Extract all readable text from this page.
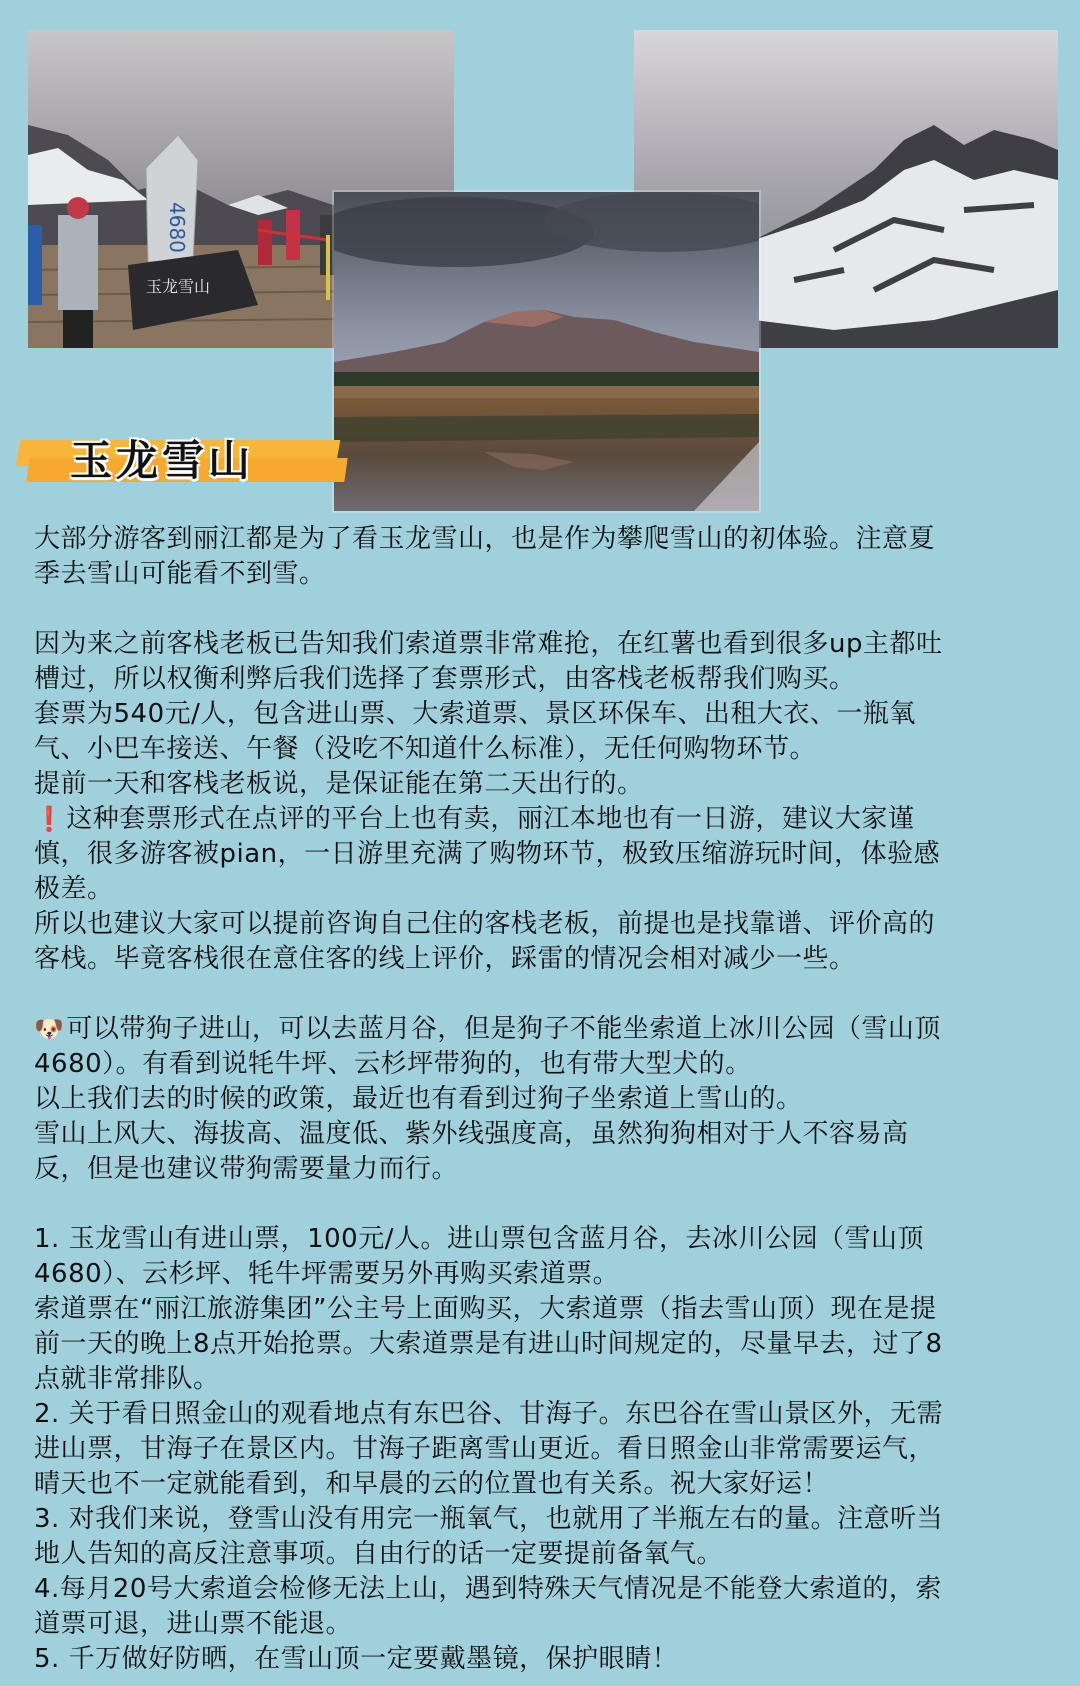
4680
玉龙雪山
玉龙雪山

大部分游客到丽江都是为了看玉龙雪山，也是作为攀爬雪山的初体验。注意夏

季去雪山可能看不到雪。

因为来之前客栈老板已告知我们索道票非常难抢，在红薯也看到很多up主都吐

槽过，所以权衡利弊后我们选择了套票形式，由客栈老板帮我们购买。

套票为540元/人，包含进山票、大索道票、景区环保车、出租大衣、一瓶氧

气、小巴车接送、午餐（没吃不知道什么标准），无任何购物环节。

提前一天和客栈老板说，是保证能在第二天出行的。

❗这种套票形式在点评的平台上也有卖，丽江本地也有一日游，建议大家谨

慎，很多游客被pian，一日游里充满了购物环节，极致压缩游玩时间，体验感

极差。

所以也建议大家可以提前咨询自己住的客栈老板，前提也是找靠谱、评价高的

客栈。毕竟客栈很在意住客的线上评价，踩雷的情况会相对减少一些。

🐶可以带狗子进山，可以去蓝月谷，但是狗子不能坐索道上冰川公园（雪山顶

4680）。有看到说牦牛坪、云杉坪带狗的，也有带大型犬的。

以上我们去的时候的政策，最近也有看到过狗子坐索道上雪山的。

雪山上风大、海拔高、温度低、紫外线强度高，虽然狗狗相对于人不容易高

反，但是也建议带狗需要量力而行。

1. 玉龙雪山有进山票，100元/人。进山票包含蓝月谷，去冰川公园（雪山顶

4680）、云杉坪、牦牛坪需要另外再购买索道票。

索道票在“丽江旅游集团”公主号上面购买，大索道票（指去雪山顶）现在是提

前一天的晚上8点开始抢票。大索道票是有进山时间规定的，尽量早去，过了8

点就非常排队。

2. 关于看日照金山的观看地点有东巴谷、甘海子。东巴谷在雪山景区外，无需

进山票，甘海子在景区内。甘海子距离雪山更近。看日照金山非常需要运气，

晴天也不一定就能看到，和早晨的云的位置也有关系。祝大家好运！

3. 对我们来说，登雪山没有用完一瓶氧气，也就用了半瓶左右的量。注意听当

地人告知的高反注意事项。自由行的话一定要提前备氧气。

4.每月20号大索道会检修无法上山，遇到特殊天气情况是不能登大索道的，索

道票可退，进山票不能退。

5. 千万做好防晒，在雪山顶一定要戴墨镜，保护眼睛！
